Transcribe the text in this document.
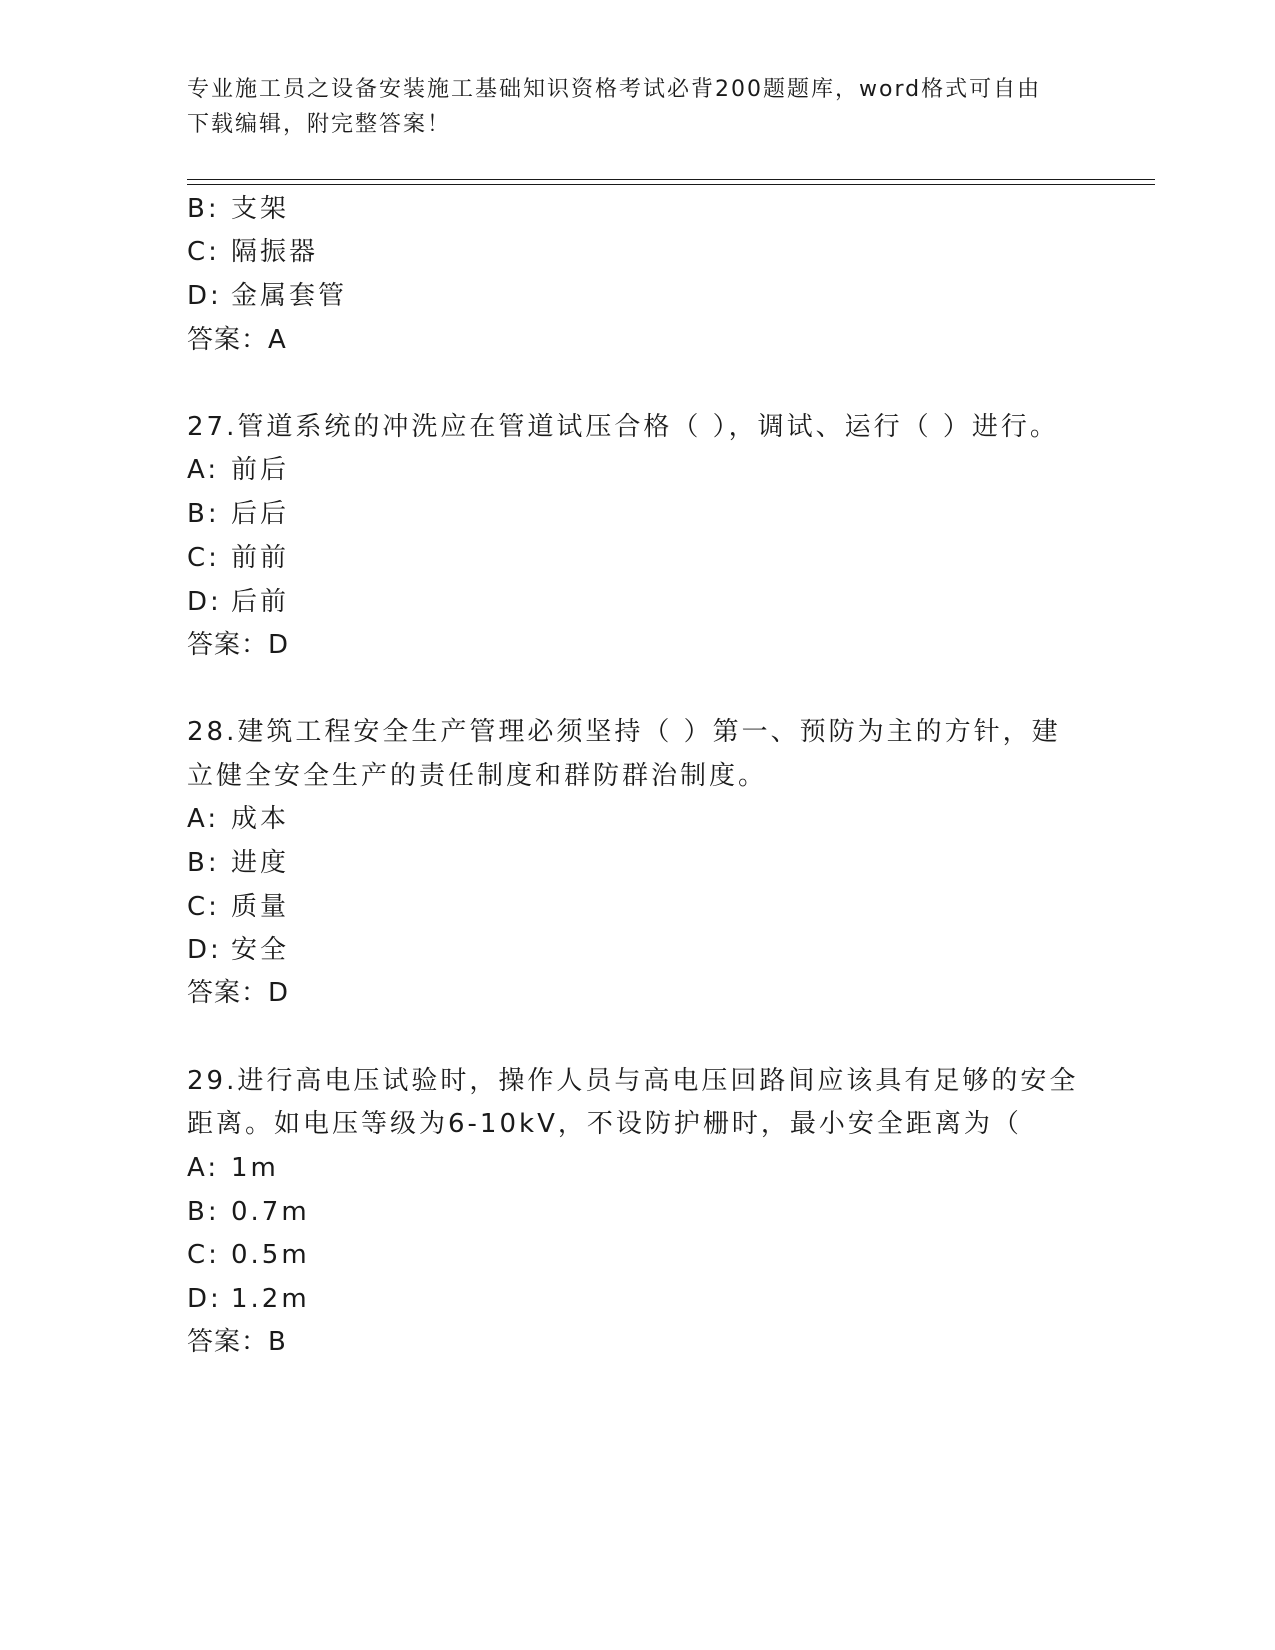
专业施工员之设备安装施工基础知识资格考试必背200题题库，word格式可自由
下载编辑，附完整答案！
B: 支架
C: 隔振器
D: 金属套管
答案：A
27.管道系统的冲洗应在管道试压合格（ ），调试、运行（ ）进行。
A: 前后
B: 后后
C: 前前
D: 后前
答案：D
28.建筑工程安全生产管理必须坚持（ ）第一、预防为主的方针，建
立健全安全生产的责任制度和群防群治制度。
A: 成本
B: 进度
C: 质量
D: 安全
答案：D
29.进行高电压试验时，操作人员与高电压回路间应该具有足够的安全
距离。如电压等级为6-10kV，不设防护栅时，最小安全距离为（
A: 1m
B: 0.7m
C: 0.5m
D: 1.2m
答案：B
